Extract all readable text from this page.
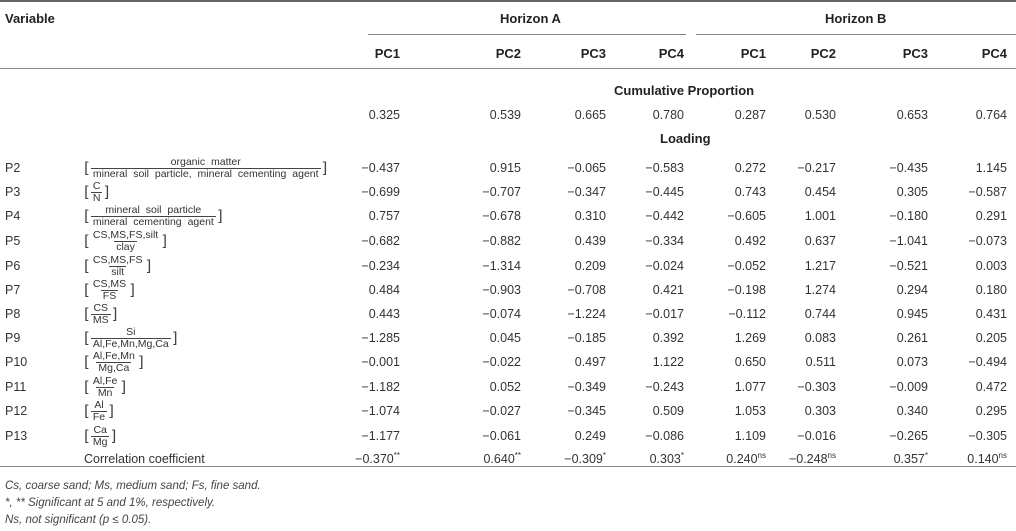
Variable	Horizon A	Horizon B
PC1	PC2	PC3	PC4	PC1	PC2	PC3	PC4
Cumulative Proportion
0.325	0.539	0.665	0.780	0.287	0.530	0.653	0.764
Loading
P2	[ $\frac{\text{organic matter}}{\text{mineral soil particle, mineral cementing agent}}$ ]	−0.437	0.915	−0.065	−0.583	0.272	−0.217	−0.435	1.145
P3	[ $\frac{C}{N}$ ]	−0.699	−0.707	−0.347	−0.445	0.743	0.454	0.305	−0.587
P4	[ $\frac{\text{mineral soil particle}}{\text{mineral cementing agent}}$ ]	0.757	−0.678	0.310	−0.442	−0.605	1.001	−0.180	0.291
P5	[ $\frac{\text{CS,MS,FS,silt}}{\text{clay}}$ ]	−0.682	−0.882	0.439	−0.334	0.492	0.637	−1.041	−0.073
P6	[ $\frac{CS,MS,FS}{\text{silt}}$ ]	−0.234	−1.314	0.209	−0.024	−0.052	1.217	−0.521	0.003
P7	[ $\frac{CS,MS}{FS}$ ]	0.484	−0.903	−0.708	0.421	−0.198	1.274	0.294	0.180
P8	[ $\frac{CS}{MS}$ ]	0.443	−0.074	−1.224	−0.017	−0.112	0.744	0.945	0.431
P9	[ $\frac{Si}{Al,Fe,Mn,Mg,Ca}$ ]	−1.285	0.045	−0.185	0.392	1.269	0.083	0.261	0.205
P10	[ $\frac{Al,Fe,Mn}{Mg,Ca}$ ]	−0.001	−0.022	0.497	1.122	0.650	0.511	0.073	−0.494
P11	[ $\frac{Al,Fe}{Mn}$ ]	−1.182	0.052	−0.349	−0.243	1.077	−0.303	−0.009	0.472
P12	[ $\frac{Al}{Fe}$ ]	−1.074	−0.027	−0.345	0.509	1.053	0.303	0.340	0.295
P13	[ $\frac{Ca}{Mg}$ ]	−1.177	−0.061	0.249	−0.086	1.109	−0.016	−0.265	−0.305
Correlation coefficient	−0.370**	0.640**	−0.309*	0.303*	$0.240^{ns}$	$-0.248^{ns}$	0.357*	$0.140^{ns}$
Cs, coarse sand; Ms, medium sand; Fs, fine sand.
*, ** Significant at 5 and 1%, respectively.
Ns, not significant (p ≤ 0.05).
